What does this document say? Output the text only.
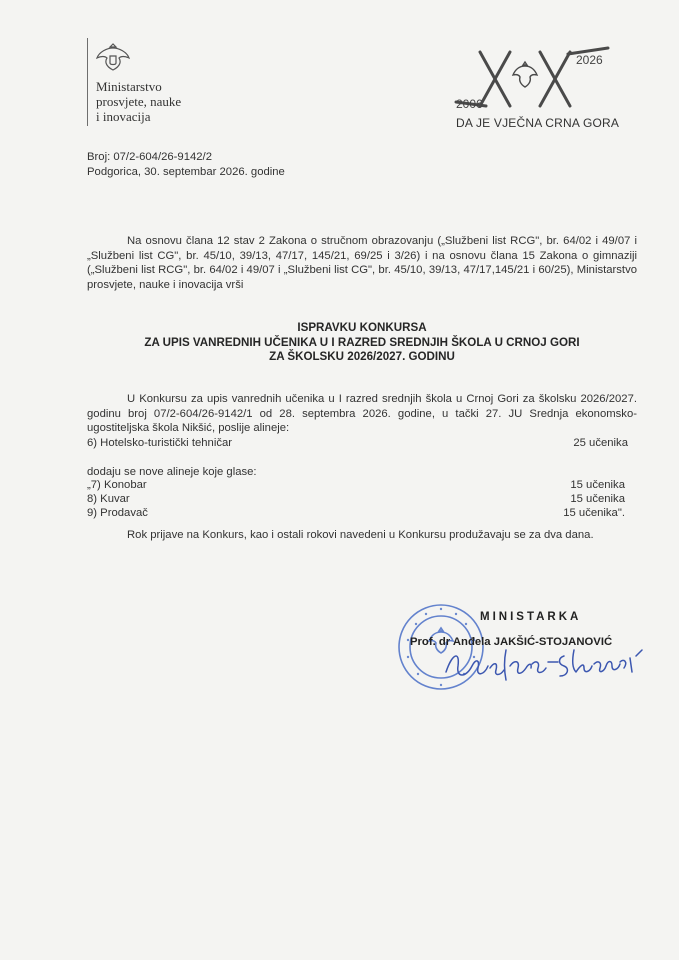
Ministarstvo
prosvjete, nauke
i inovacija
2006
2026
DA JE VJEČNA CRNA GORA
Broj: 07/2-604/26-9142/2
Podgorica, 30. septembar 2026. godine
Na osnovu člana 12 stav 2 Zakona o stručnom obrazovanju („Službeni list RCG", br. 64/02 i 49/07 i „Službeni list CG", br. 45/10, 39/13, 47/17, 145/21, 69/25 i 3/26) i na osnovu člana 15 Zakona o gimnaziji („Službeni list RCG", br. 64/02 i 49/07 i „Službeni list CG", br. 45/10, 39/13, 47/17,145/21 i 60/25), Ministarstvo prosvjete, nauke i inovacija vrši
ISPRAVKU KONKURSA
ZA UPIS VANREDNIH UČENIKA U I RAZRED SREDNJIH ŠKOLA U CRNOJ GORI
ZA ŠKOLSKU 2026/2027. GODINU
U Konkursu za upis vanrednih učenika u I razred srednjih škola u Crnoj Gori za školsku 2026/2027. godinu broj 07/2-604/26-9142/1 od 28. septembra 2026. godine, u tački 27. JU Srednja ekonomsko-ugostiteljska škola Nikšić, poslije alineje:
6) Hotelsko-turistički tehničar	25 učenika
dodaju se nove alineje koje glase:
„7) Konobar	15 učenika
8) Kuvar	15 učenika
9) Prodavač	15 učenika".
Rok prijave na Konkurs, kao i ostali rokovi navedeni u Konkursu produžavaju se za dva dana.
MINISTARKA
Prof. dr Anđela JAKŠIĆ-STOJANOVIĆ
